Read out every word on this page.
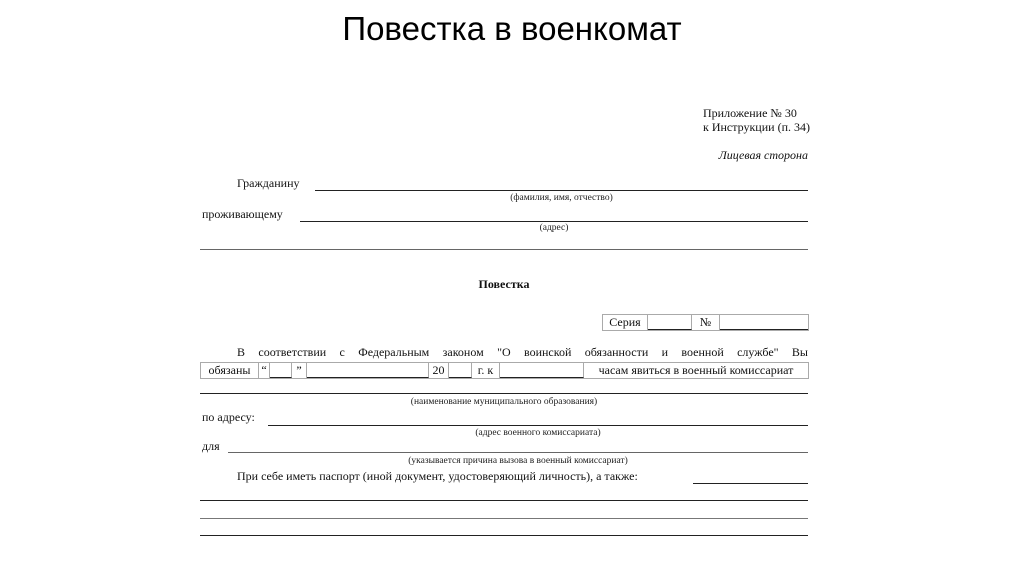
Повестка в военкомат
Приложение № 30
к Инструкции (п. 34)
Лицевая сторона
Гражданину
(фамилия, имя, отчество)
проживающему
(адрес)
Повестка
Серия	№
В соответствии с Федеральным законом "О воинской обязанности и военной службе" Вы
обязаны “	”	20	г. к	часам явиться в военный комиссариат
(наименование муниципального образования)
по адресу:
(адрес военного комиссариата)
для
(указывается причина вызова в военный комиссариат)
При себе иметь паспорт (иной документ, удостоверяющий личность), а также:
